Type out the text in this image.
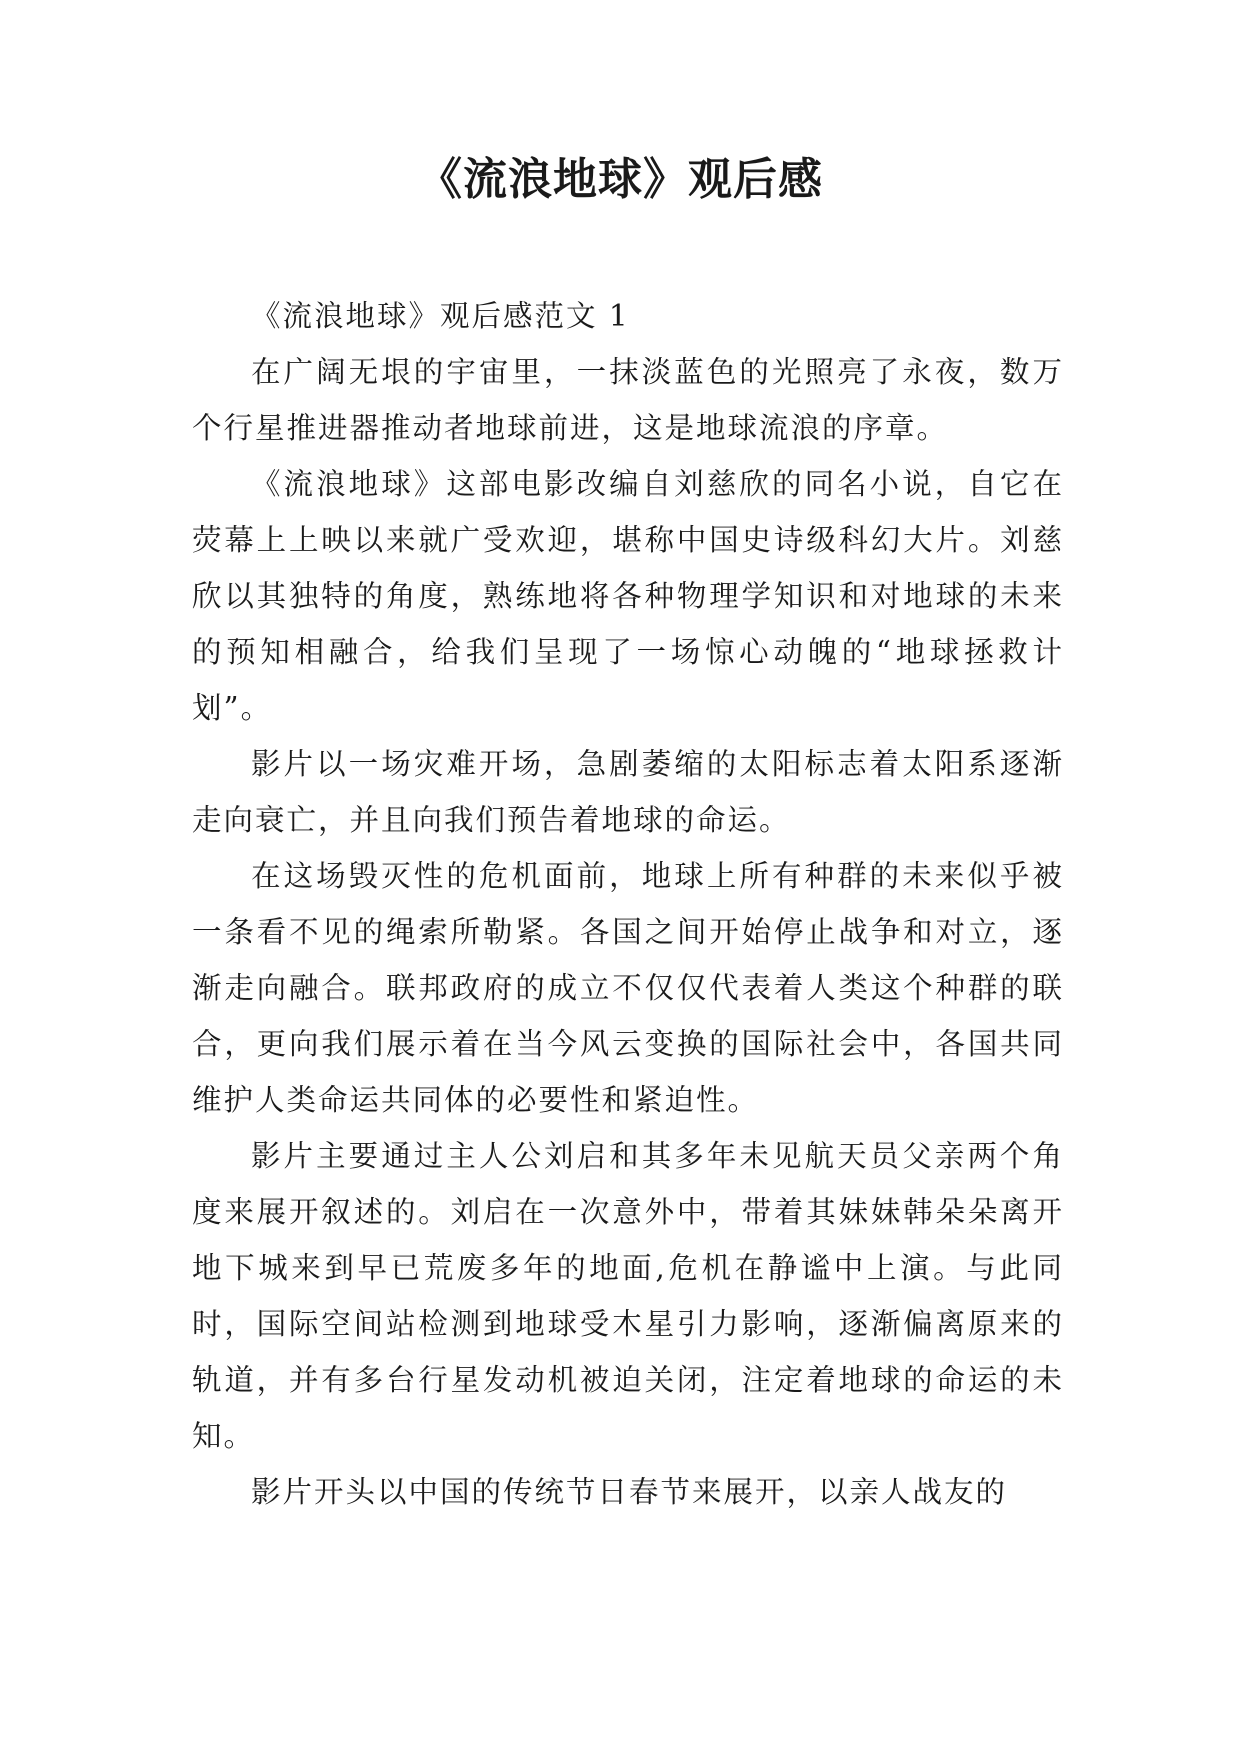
《流浪地球》观后感

《流浪地球》观后感范文 1

在广阔无垠的宇宙里，一抹淡蓝色的光照亮了永夜，数万个行星推进器推动者地球前进，这是地球流浪的序章。

《流浪地球》这部电影改编自刘慈欣的同名小说，自它在荧幕上上映以来就广受欢迎，堪称中国史诗级科幻大片。刘慈欣以其独特的角度，熟练地将各种物理学知识和对地球的未来的预知相融合，给我们呈现了一场惊心动魄的“地球拯救计划”。

影片以一场灾难开场，急剧萎缩的太阳标志着太阳系逐渐走向衰亡，并且向我们预告着地球的命运。

在这场毁灭性的危机面前，地球上所有种群的未来似乎被一条看不见的绳索所勒紧。各国之间开始停止战争和对立，逐渐走向融合。联邦政府的成立不仅仅代表着人类这个种群的联合，更向我们展示着在当今风云变换的国际社会中，各国共同维护人类命运共同体的必要性和紧迫性。

影片主要通过主人公刘启和其多年未见航天员父亲两个角度来展开叙述的。刘启在一次意外中，带着其妹妹韩朵朵离开地下城来到早已荒废多年的地面,危机在静谧中上演。与此同时，国际空间站检测到地球受木星引力影响，逐渐偏离原来的轨道，并有多台行星发动机被迫关闭，注定着地球的命运的未知。

影片开头以中国的传统节日春节来展开，以亲人战友的
